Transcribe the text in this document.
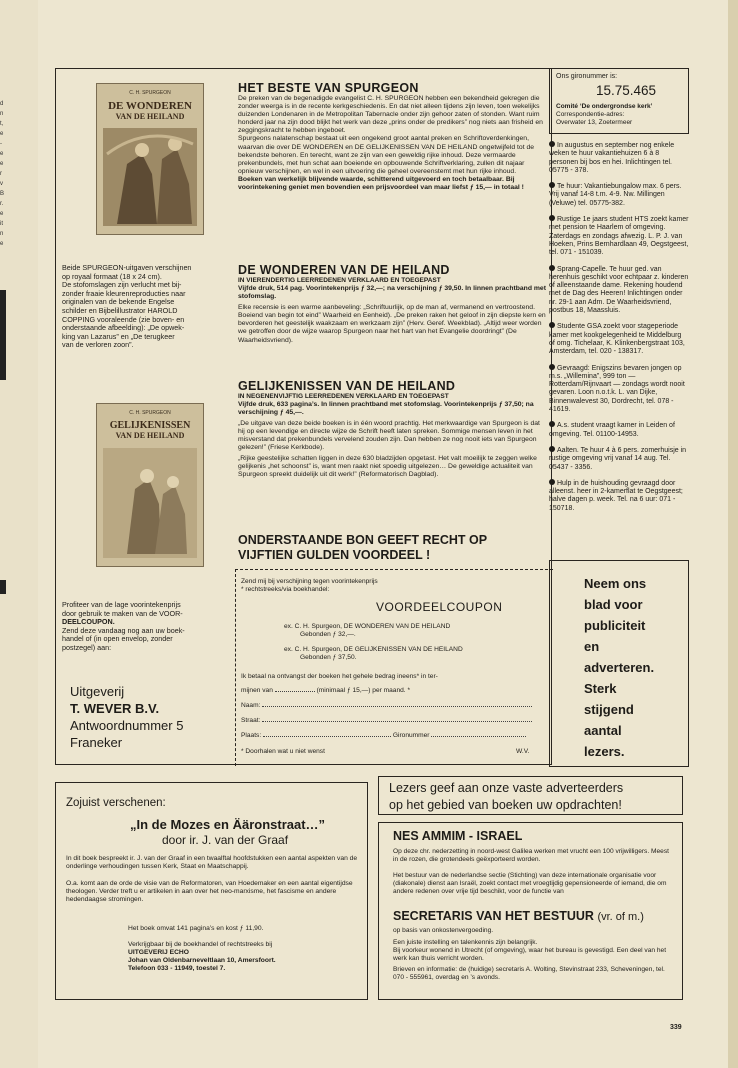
d
n
t,
e
-
e
e
r
v
B
r.
e
it
n
e
C. H. SPURGEON
DE WONDEREN
VAN DE HEILAND

Beide SPURGEON-uitgaven verschijnen

op royaal formaat (18 x 24 cm).

De stofomslagen zijn verlucht met bij-

zonder fraaie kleurenreproducties naar

originalen van de bekende Engelse

schilder en Bijbelillustrator HAROLD

COPPING vooraleende (zie boven- en

onderstaande afbeelding): „De opwek-

king van Lazarus” en „De terugkeer

van de verloren zoon”.

C. H. SPURGEON
GELIJKENISSEN
VAN DE HEILAND

Profiteer van de lage voorintekenprijs

door gebruik te maken van de VOOR-

DEELCOUPON.

Zend deze vandaag nog aan uw boek-

handel of (in open envelop, zonder

postzegel) aan:

Uitgeverij
T. WEVER B.V.
Antwoordnummer 5
Franeker
HET BESTE VAN SPURGEON

De preken van de begenadigde evangelist C. H. SPURGEON hebben een bekendheid gekregen die zonder weerga is in de recente kerkgeschiedenis. En dat niet alleen tijdens zijn leven, toen wekelijks duizenden Londenaren in de Metropolitan Tabernacle onder zijn gehoor zaten of stonden. Want ruim honderd jaar na zijn dood blijkt het werk van deze „prins onder de predikers” nog niets aan frisheid en zeggingskracht te hebben ingeboet.

Spurgeons nalatenschap bestaat uit een ongekend groot aantal preken en Schriftoverdenkingen, waarvan die over DE WONDEREN en DE GELIJKENISSEN VAN DE HEILAND ongetwijfeld tot de bekendste behoren. En terecht, want ze zijn van een geweldig rijke inhoud. Deze vermaarde prekenbundels, met hun schat aan boeiende en opbouwende Schriftverklaring, zullen dit najaar opnieuw verschijnen, en wel in een uitvoering die geheel overeenstemt met hun rijke inhoud.

Boeken van werkelijk blijvende waarde, schitterend uitgevoerd en toch betaalbaar. Bij voorintekening geniet men bovendien een prijsvoordeel van maar liefst ƒ 15,— in totaal !

DE WONDEREN VAN DE HEILAND

IN VIERENDERTIG LEERREDENEN VERKLAARD EN TOEGEPAST

Vijfde druk, 514 pag. Voorintekenprijs ƒ 32,—; na verschijning ƒ 39,50. In linnen prachtband met stofomslag.

Elke recensie is een warme aanbeveling: „Schriftuurlijk, op de man af, vermanend en vertroostend. Boeiend van begin tot eind” Waarheid en Eenheid). „De preken raken het geloof in zijn diepste kern en bevorderen het geestelijk waakzaam en werkzaam zijn” (Herv. Geref. Weekblad). „Altijd weer worden we getroffen door de wijze waarop Spurgeon naar het hart van het Evangelie doordringt” (De Waarheidsvriend).

GELIJKENISSEN VAN DE HEILAND

IN NEGENENVIJFTIG LEERREDENEN VERKLAARD EN TOEGEPAST

Vijfde druk, 633 pagina’s. In linnen prachtband met stofomslag. Voorintekenprijs ƒ 37,50; na verschijning ƒ 45,—.

„De uitgave van deze beide boeken is in één woord prachtig. Het merkwaardige van Spurgeon is dat hij op een levendige en directe wijze de Schrift heeft laten spreken. Sommige mensen leven in het misverstand dat prekenbundels vervelend zouden zijn. Dan hebben ze nog nooit iets van Spurgeon gelezen!” (Friese Kerkbode).

„Rijke geestelijke schatten liggen in deze 630 bladzijden opgetast. Het valt moeilijk te zeggen welke gelijkenis „het schoonst” is, want men raakt niet spoedig uitgelezen… De geweldige actualiteit van Spurgeon spreekt duidelijk uit dit werk!” (Reformatorisch Dagblad).

ONDERSTAANDE BON GEEFT RECHT OP
VIJFTIEN GULDEN VOORDEEL !

Zend mij bij verschijning tegen voorintekenprijs

* rechtstreeks/via boekhandel:

VOORDEELCOUPON

ex. C. H. Spurgeon, DE WONDEREN VAN DE HEILAND

Gebonden ƒ 32,—.

ex. C. H. Spurgeon, DE GELIJKENISSEN VAN DE HEILAND

Gebonden ƒ 37,50.

Ik betaal na ontvangst der boeken het gehele bedrag ineens* in ter-

mijnen van	(minimaal ƒ 15,—) per maand. *
Naam:
Straat:
Plaats:	Gironummer

* Doorhalen wat u niet wenst	W.V.

Ons gironummer is:

15.75.465

Comité ‘De ondergrondse kerk’

Correspondentie-adres:

Overwater 13, Zoetermeer

In augustus en september nog enkele weken te huur vakantiehuizen 6 à 8 personen bij bos en hei. Inlichtingen tel. 05775 - 378.

Te huur: Vakantiebungalow max. 6 pers. Vrij vanaf 14-8 t.m. 4-9. Nw. Millingen (Veluwe) tel. 05775-382.

Rustige 1e jaars student HTS zoekt kamer met pension te Haarlem of omgeving. Zaterdags en zondags afwezig. L. P. J. van Hoeken, Prins Bernhardlaan 49, Oegstgeest, tel. 071 - 151039.

Sprang-Capelle. Te huur ged. van herenhuis geschikt voor echtpaar z. kinderen of alleenstaande dame. Rekening houdend met de Dag des Heeren! Inlichtingen onder nr. 29-1 aan Adm. De Waarheidsvriend, postbus 18, Maassluis.

Studente GSA zoekt voor stageperiode kamer met kookgelegenheid te Middelburg of omg. Tichelaar, K. Klinkenbergstraat 103, Amsterdam, tel. 020 - 138317.

Gevraagd: Enigszins bevaren jongen op m.s. „Willemina”, 999 ton — Rotterdam/Rijnvaart — zondags wordt nooit gevaren. Loon n.o.t.k. L. van Dijke, Binnenwalevest 30, Dordrecht, tel. 078 - 41619.

A.s. student vraagt kamer in Leiden of omgeving. Tel. 01100-14953.

Aalten. Te huur 4 à 6 pers. zomerhuisje in rustige omgeving vrij vanaf 14 aug. Tel. 05437 - 3356.

Hulp in de huishouding gevraagd door alleenst. heer in 2-kamerflat te Oegstgeest; halve dagen p. week. Tel. na 6 uur: 071 - 150718.

Neem ons
blad voor
publiciteit
en
adverteren.
Sterk
stijgend
aantal
lezers.
Zojuist verschenen:
„In de Mozes en Ääronstraat…”
door ir. J. van der Graaf

In dit boek bespreekt ir. J. van der Graaf in een twaalftal hoofdstukken een aantal aspekten van de onderlinge verhoudingen tussen Kerk, Staat en Maatschappij.

O.a. komt aan de orde de visie van de Reformatoren, van Hoedemaker en een aantal eigentijdse theologen. Verder treft u er artikelen in aan over het neo-marxisme, het fascisme en andere hedendaagse stromingen.

Het boek omvat 141 pagina’s en kost ƒ 11,90.

Verkrijgbaar bij de boekhandel of rechtstreeks bij

UITGEVERIJ ECHO

Johan van Oldenbarneveltlaan 10, Amersfoort.

Telefoon 033 - 11949, toestel 7.

Lezers geef aan onze vaste adverteerders
op het gebied van boeken uw opdrachten!
NES AMMIM - ISRAEL

Op deze chr. nederzetting in noord-west Galilea werken met vrucht een 100 vrijwilligers. Meest in de rozen, die grotendeels geëxporteerd worden.

Het bestuur van de nederlandse sectie (Stichting) van deze internationale organisatie voor (diakonale) dienst aan Israël, zoekt contact met vroegtijdig gepensioneerde of iemand, die om andere redenen over vrije tijd beschikt, voor de functie van

SECRETARIS VAN HET BESTUUR (vr. of m.)

op basis van onkostenvergoeding.

Een juiste instelling en talenkennis zijn belangrijk.

Bij voorkeur wonend in Utrecht (of omgeving), waar het bureau is gevestigd. Een deel van het werk kan thuis verricht worden.

Brieven en informatie: de (huidige) secretaris A. Wolting, Stevinstraat 233, Scheveningen, tel. 070 - 555961, overdag en ’s avonds.

339
